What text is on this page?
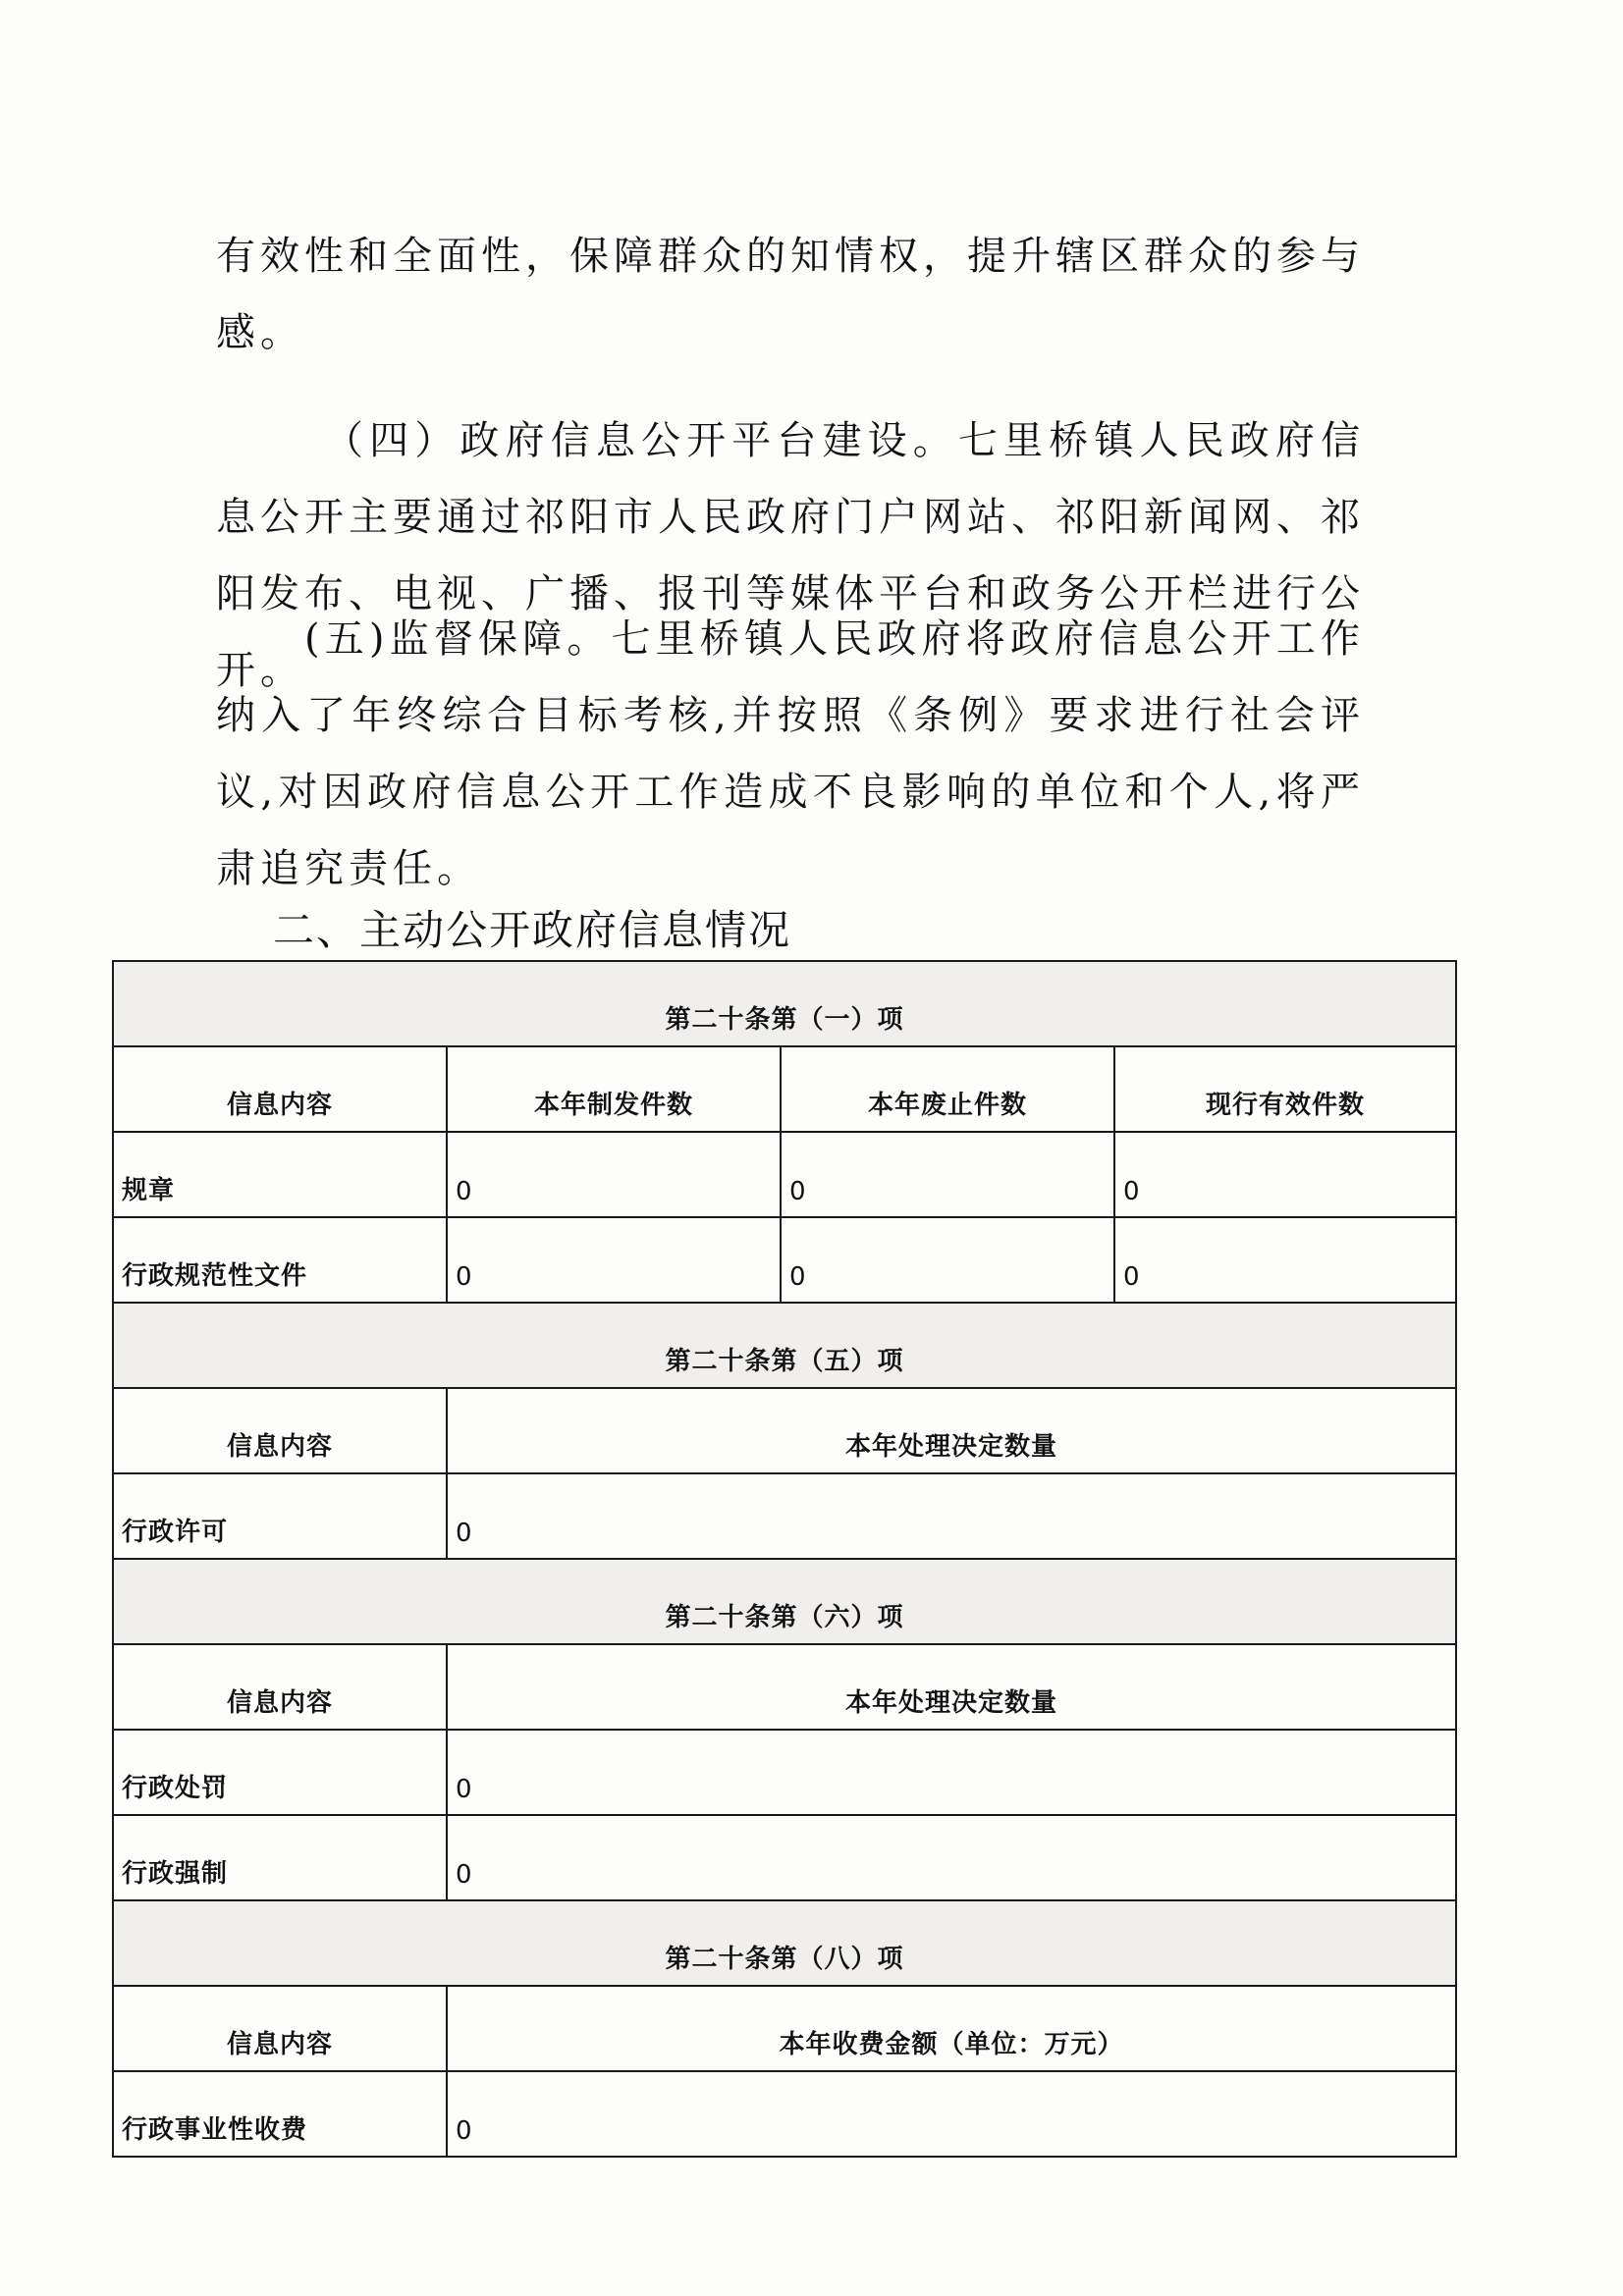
有效性和全面性，保障群众的知情权，提升辖区群众的参与感。

（四）政府信息公开平台建设。七里桥镇人民政府信息公开主要通过祁阳市人民政府门户网站、祁阳新闻网、祁阳发布、电视、广播、报刊等媒体平台和政务公开栏进行公开。

(五)监督保障。七里桥镇人民政府将政府信息公开工作纳入了年终综合目标考核,并按照《条例》要求进行社会评议,对因政府信息公开工作造成不良影响的单位和个人,将严肃追究责任。

二、主动公开政府信息情况
第二十条第（一）项			
信息内容	本年制发件数	本年废止件数	现行有效件数
规章	0	0	0
行政规范性文件	0	0	0
第二十条第（五）项			
信息内容	本年处理决定数量		
行政许可	0		
第二十条第（六）项			
信息内容	本年处理决定数量		
行政处罚	0		
行政强制	0		
第二十条第（八）项			
信息内容	本年收费金额（单位：万元）		
行政事业性收费	0		
